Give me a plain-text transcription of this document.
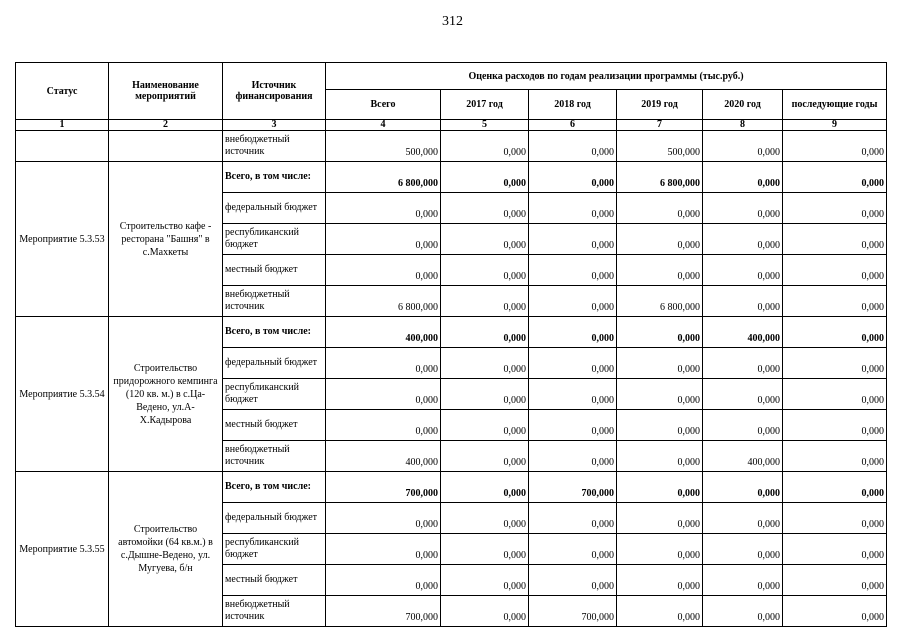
312
Статус	Наименование мероприятий	Источник финансирования	Оценка расходов по годам реализации программы (тыс.руб.)					
			Всего	2017 год	2018 год	2019 год	2020 год	последующие годы
1	2	3	4	5	6	7	8	9
		внебюджетный источник	500,000	0,000	0,000	500,000	0,000	0,000
Мероприятие 5.3.53	Строительство кафе - ресторана "Башня" в с.Махкеты	Всего, в том числе:	6 800,000	0,000	0,000	6 800,000	0,000	0,000
		федеральный бюджет	0,000	0,000	0,000	0,000	0,000	0,000
		республиканский бюджет	0,000	0,000	0,000	0,000	0,000	0,000
		местный бюджет	0,000	0,000	0,000	0,000	0,000	0,000
		внебюджетный источник	6 800,000	0,000	0,000	6 800,000	0,000	0,000
Мероприятие 5.3.54	Строительство придорожного кемпинга (120 кв. м.) в с.Ца-Ведено, ул.А-Х.Кадырова	Всего, в том числе:	400,000	0,000	0,000	0,000	400,000	0,000
		федеральный бюджет	0,000	0,000	0,000	0,000	0,000	0,000
		республиканский бюджет	0,000	0,000	0,000	0,000	0,000	0,000
		местный бюджет	0,000	0,000	0,000	0,000	0,000	0,000
		внебюджетный источник	400,000	0,000	0,000	0,000	400,000	0,000
Мероприятие 5.3.55	Строительство автомойки (64 кв.м.) в с.Дышне-Ведено, ул. Мугуева, б/н	Всего, в том числе:	700,000	0,000	700,000	0,000	0,000	0,000
		федеральный бюджет	0,000	0,000	0,000	0,000	0,000	0,000
		республиканский бюджет	0,000	0,000	0,000	0,000	0,000	0,000
		местный бюджет	0,000	0,000	0,000	0,000	0,000	0,000
		внебюджетный источник	700,000	0,000	700,000	0,000	0,000	0,000
